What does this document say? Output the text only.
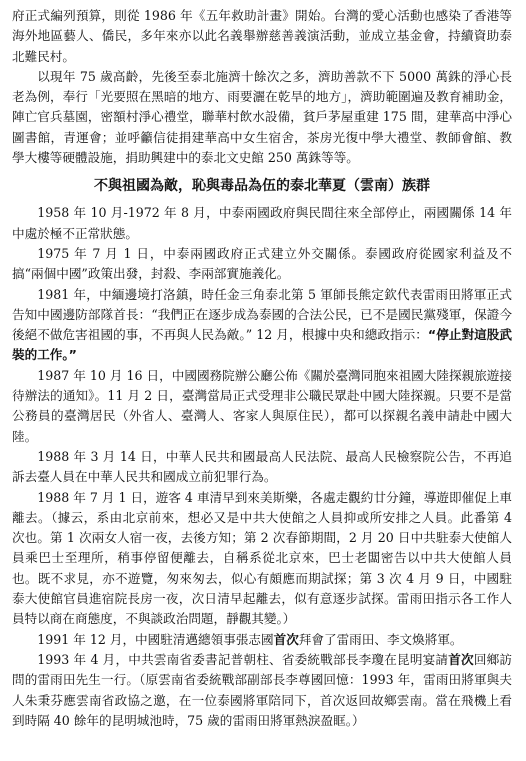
府正式編列預算，則從 1986 年《五年救助計畫》開始。台灣的愛心活動也感染了香港等海外地區藝人、僑民，多年來亦以此名義舉辦慈善義演活動，並成立基金會，持續資助泰北難民村。

以現年 75 歲高齡，先後至泰北施濟十餘次之多，濟助善款不下 5000 萬銖的淨心長老為例，奉行「光要照在黑暗的地方、雨要灑在乾旱的地方」，濟助範圍遍及教育補助金，陣亡官兵墓園，密額村淨心禮堂，聯華村飲水設備，貧戶茅屋重建 175 間，建華高中淨心圖書館，青運會；並呼籲信徒捐建華高中女生宿舍，茶房光復中學大禮堂、教師會館、教學大樓等硬體設施，捐助興建中的泰北文史館 250 萬銖等等。

不與祖國為敵，恥與毒品為伍的泰北華夏（雲南）族群

1958 年 10 月-1972 年 8 月，中泰兩國政府與民間往來全部停止，兩國關係 14 年中處於極不正常狀態。

1975 年 7 月 1 日，中泰兩國政府正式建立外交關係。泰國政府從國家利益及不搞“兩個中國”政策出發，封殺、李兩部實施義化。

1981 年，中緬邊境打洛鎮，時任金三角泰北第 5 軍師長熊定欽代表雷雨田將軍正式告知中國邊防部隊首長：“我們正在逐步成為泰國的合法公民，已不是國民黨殘軍，保證今後絕不做危害祖國的事，不再與人民為敵。” 12 月，根據中央和總政指示：“停止對這股武裝的工作。”

1987 年 10 月 16 日，中國國務院辦公廳公佈《關於臺灣同胞來祖國大陸探親旅遊接待辦法的通知》。11 月 2 日，臺灣當局正式受理非公職民眾赴中國大陸探親。只要不是當公務員的臺灣居民（外省人、臺灣人、客家人與原住民），都可以探親名義申請赴中國大陸。

1988 年 3 月 14 日，中華人民共和國最高人民法院、最高人民檢察院公告，不再追訴去臺人員在中華人民共和國成立前犯罪行為。

1988 年 7 月 1 日，遊客 4 車清早到來美斯樂，各處走觀約廿分鐘，導遊即催促上車離去。（據云，系由北京前來，想必又是中共大使館之人員抑或所安排之人員。此番第 4 次也。第 1 次兩女人宿一夜，去後方知；第 2 次春節期間，2 月 20 日中共駐泰大使館人員乘巴士至理所，稍事停留便離去，自稱系從北京來，巴士老闆密告以中共大使館人員也。既不求見，亦不遊覽，匆來匆去，似心有頗應而期試探；第 3 次 4 月 9 日，中國駐泰大使館官員進宿院長房一夜，次日清早起離去，似有意逐步試探。雷雨田指示各工作人員特以商在商態度，不與談政治問題，靜觀其變。）

1991 年 12 月，中國駐清邁總領事張志國首次拜會了雷雨田、李文煥將軍。

1993 年 4 月，中共雲南省委書記普朝柱、省委統戰部長李瓊在昆明宴請首次回鄉訪問的雷雨田先生一行。（原雲南省委統戰部副部長李尊國回憶：1993 年，雷雨田將軍與夫人朱秉芬應雲南省政協之邀，在一位泰國將軍陪同下，首次返回故鄉雲南。當在飛機上看到時隔 40 餘年的昆明城池時，75 歲的雷雨田將軍熱淚盈眶。）
